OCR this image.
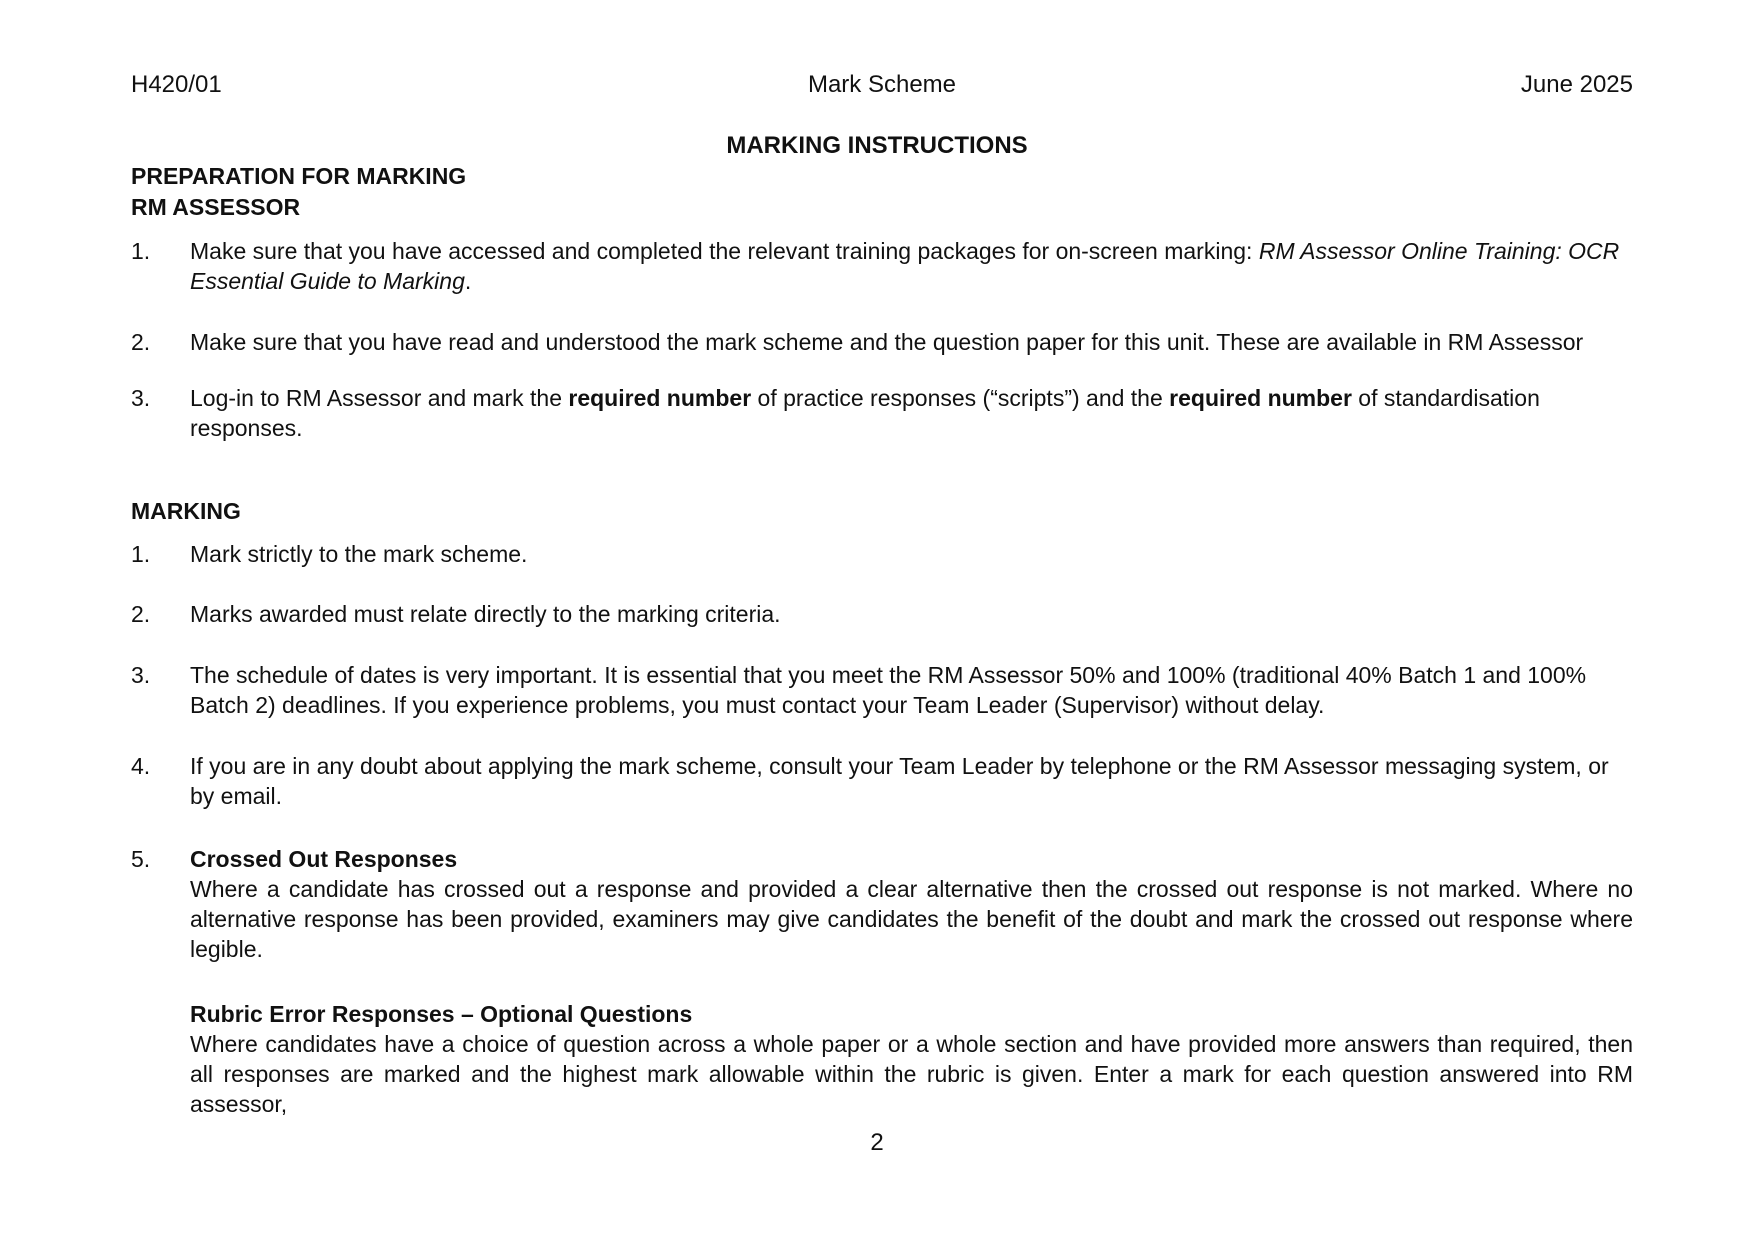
H420/01	Mark Scheme	June 2025
MARKING INSTRUCTIONS
PREPARATION FOR MARKING
RM ASSESSOR
1. Make sure that you have accessed and completed the relevant training packages for on-screen marking: RM Assessor Online Training: OCR Essential Guide to Marking.
2. Make sure that you have read and understood the mark scheme and the question paper for this unit. These are available in RM Assessor
3. Log-in to RM Assessor and mark the required number of practice responses (“scripts”) and the required number of standardisation responses.
MARKING
1. Mark strictly to the mark scheme.
2. Marks awarded must relate directly to the marking criteria.
3. The schedule of dates is very important. It is essential that you meet the RM Assessor 50% and 100% (traditional 40% Batch 1 and 100% Batch 2) deadlines. If you experience problems, you must contact your Team Leader (Supervisor) without delay.
4. If you are in any doubt about applying the mark scheme, consult your Team Leader by telephone or the RM Assessor messaging system, or by email.
5. Crossed Out Responses
Where a candidate has crossed out a response and provided a clear alternative then the crossed out response is not marked. Where no alternative response has been provided, examiners may give candidates the benefit of the doubt and mark the crossed out response where legible.
Rubric Error Responses – Optional Questions
Where candidates have a choice of question across a whole paper or a whole section and have provided more answers than required, then all responses are marked and the highest mark allowable within the rubric is given. Enter a mark for each question answered into RM assessor,
2
